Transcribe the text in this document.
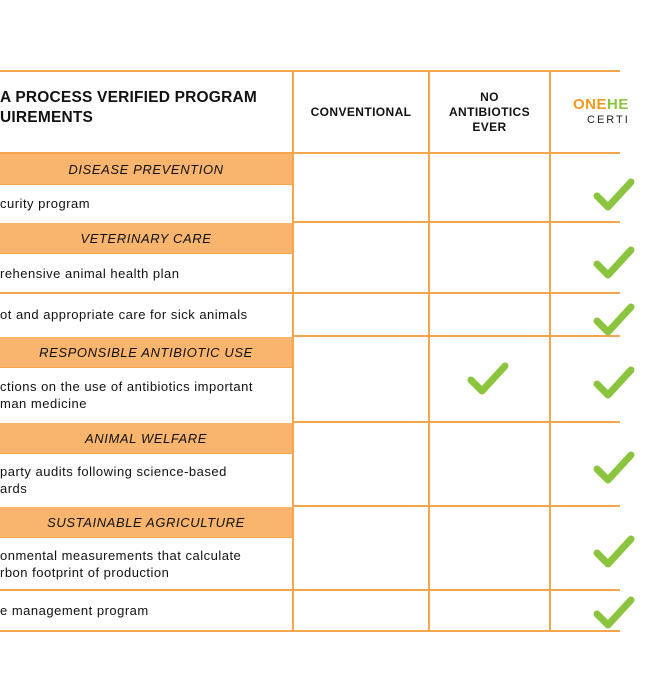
A PROCESS VERIFIED PROGRAM
UIREMENTS	CONVENTIONAL
NO
ANTIBIOTICS
EVER
ONEHE
CERTI
DISEASE PREVENTION
VETERINARY CARE
RESPONSIBLE ANTIBIOTIC USE
ANIMAL WELFARE
SUSTAINABLE AGRICULTURE
curity program
rehensive animal health plan
ot and appropriate care for sick animals
ctions on the use of antibiotics important
man medicine
party audits following science-based
ards
onmental measurements that calculate
rbon footprint of production
e management program
